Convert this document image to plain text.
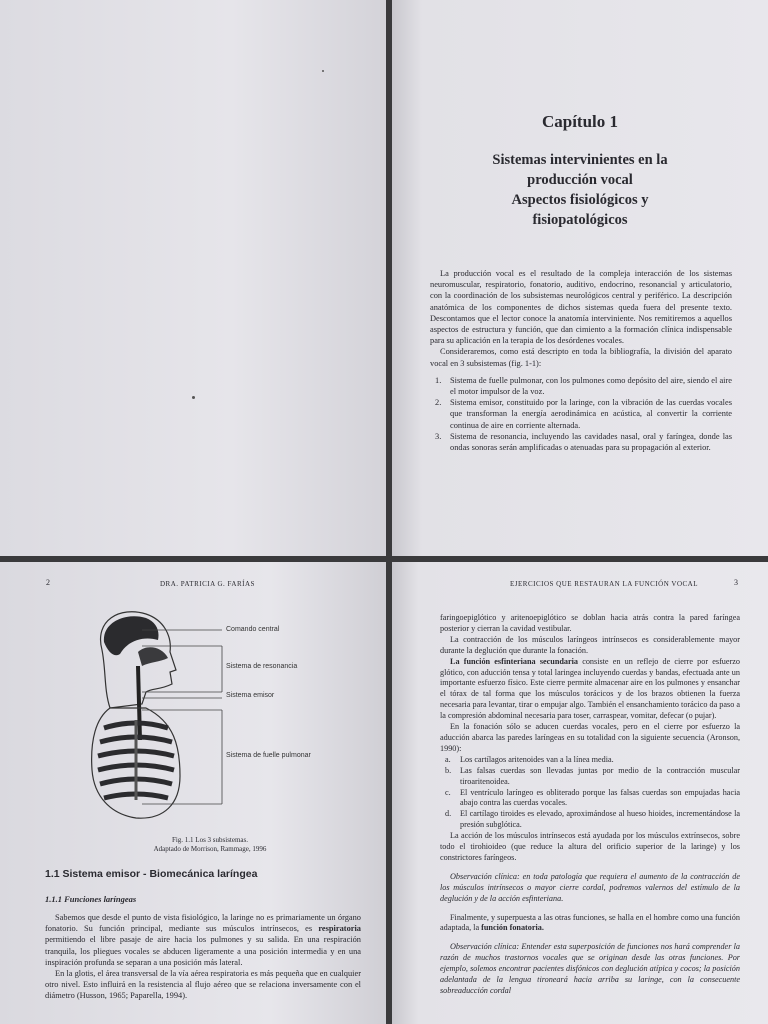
Capítulo 1
Sistemas intervinientes en la
producción vocal
Aspectos fisiológicos y
fisiopatológicos

La producción vocal es el resultado de la compleja interacción de los sistemas neuromuscular, respiratorio, fonatorio, auditivo, endocrino, resonancial y articulatorio, con la coordinación de los subsistemas neurológicos central y periférico. La descripción anatómica de los componentes de dichos sistemas queda fuera del presente texto. Descontamos que el lector conoce la anatomía interviniente. Nos remitiremos a aquellos aspectos de estructura y función, que dan cimiento a la formación clínica indispensable para su aplicación en la terapia de los desórdenes vocales.

Consideraremos, como está descripto en toda la bibliografía, la división del aparato vocal en 3 subsistemas (fig. 1-1):

1. Sistema de fuelle pulmonar, con los pulmones como depósito del aire, siendo el aire el motor impulsor de la voz.
2. Sistema emisor, constituido por la laringe, con la vibración de las cuerdas vocales que transforman la energía aerodinámica en acústica, al convertir la corriente continua de aire en corriente alternada.
3. Sistema de resonancia, incluyendo las cavidades nasal, oral y faríngea, donde las ondas sonoras serán amplificadas o atenuadas para su propagación al exterior.
2	DRA. PATRICIA G. FARÍAS
Comando central
Sistema de resonancia
Sistema emisor
Sistema de fuelle pulmonar
Fig. 1.1 Los 3 subsistemas.
Adaptado de Morrison, Rammage, 1996
1.1 Sistema emisor - Biomecánica laríngea
1.1.1 Funciones laríngeas

Sabemos que desde el punto de vista fisiológico, la laringe no es primariamente un órgano fonatorio. Su función principal, mediante sus músculos intrínsecos, es respiratoria permitiendo el libre pasaje de aire hacia los pulmones y su salida. En una respiración tranquila, los pliegues vocales se abducen ligeramente a una posición intermedia y en una inspiración profunda se separan a una posición más lateral.

En la glotis, el área transversal de la vía aérea respiratoria es más pequeña que en cualquier otro nivel. Esto influirá en la resistencia al flujo aéreo que se relaciona inversamente con el diámetro (Husson, 1965; Paparella, 1994).

EJERCICIOS QUE RESTAURAN LA FUNCIÓN VOCAL	3

faringoepiglótico y aritenoepiglótico se doblan hacia atrás contra la pared faríngea posterior y cierran la cavidad vestibular.

La contracción de los músculos laríngeos intrínsecos es considerablemente mayor durante la deglución que durante la fonación.

La función esfinteriana secundaria consiste en un reflejo de cierre por esfuerzo glótico, con aducción tensa y total laringea incluyendo cuerdas y bandas, efectuada ante un importante esfuerzo físico. Este cierre permite almacenar aire en los pulmones y ensanchar el tórax de tal forma que los músculos torácicos y de los brazos obtienen la fuerza necesaria para levantar, tirar o empujar algo. También el ensanchamiento torácico da paso a la compresión abdominal necesaria para toser, carraspear, vomitar, defecar (o pujar).

En la fonación sólo se aducen cuerdas vocales, pero en el cierre por esfuerzo la aducción abarca las paredes laríngeas en su totalidad con la siguiente secuencia (Aronson, 1990):

a. Los cartílagos aritenoides van a la línea media.
b. Las falsas cuerdas son llevadas juntas por medio de la contracción muscular tiroaritenoidea.
c. El ventrículo laríngeo es obliterado porque las falsas cuerdas son empujadas hacia abajo contra las cuerdas vocales.
d. El cartílago tiroides es elevado, aproximándose al hueso hioides, incrementándose la presión subglótica.

La acción de los músculos intrínsecos está ayudada por los músculos extrínsecos, sobre todo el tirohioideo (que reduce la altura del orificio superior de la laringe) y los constrictores faríngeos.

Observación clínica: en toda patología que requiera el aumento de la contracción de los músculos intrínsecos o mayor cierre cordal, podremos valernos del estímulo de la deglución y de la acción esfinteriana.

Finalmente, y superpuesta a las otras funciones, se halla en el hombre como una función adaptada, la función fonatoria.

Observación clínica: Entender esta superposición de funciones nos hará comprender la razón de muchos trastornos vocales que se originan desde las otras funciones. Por ejemplo, solemos encontrar pacientes disfónicos con deglución atípica y cocos; la posición adelantada de la lengua tironeará hacia arriba su laringe, con la consecuente sobreaducción cordal
